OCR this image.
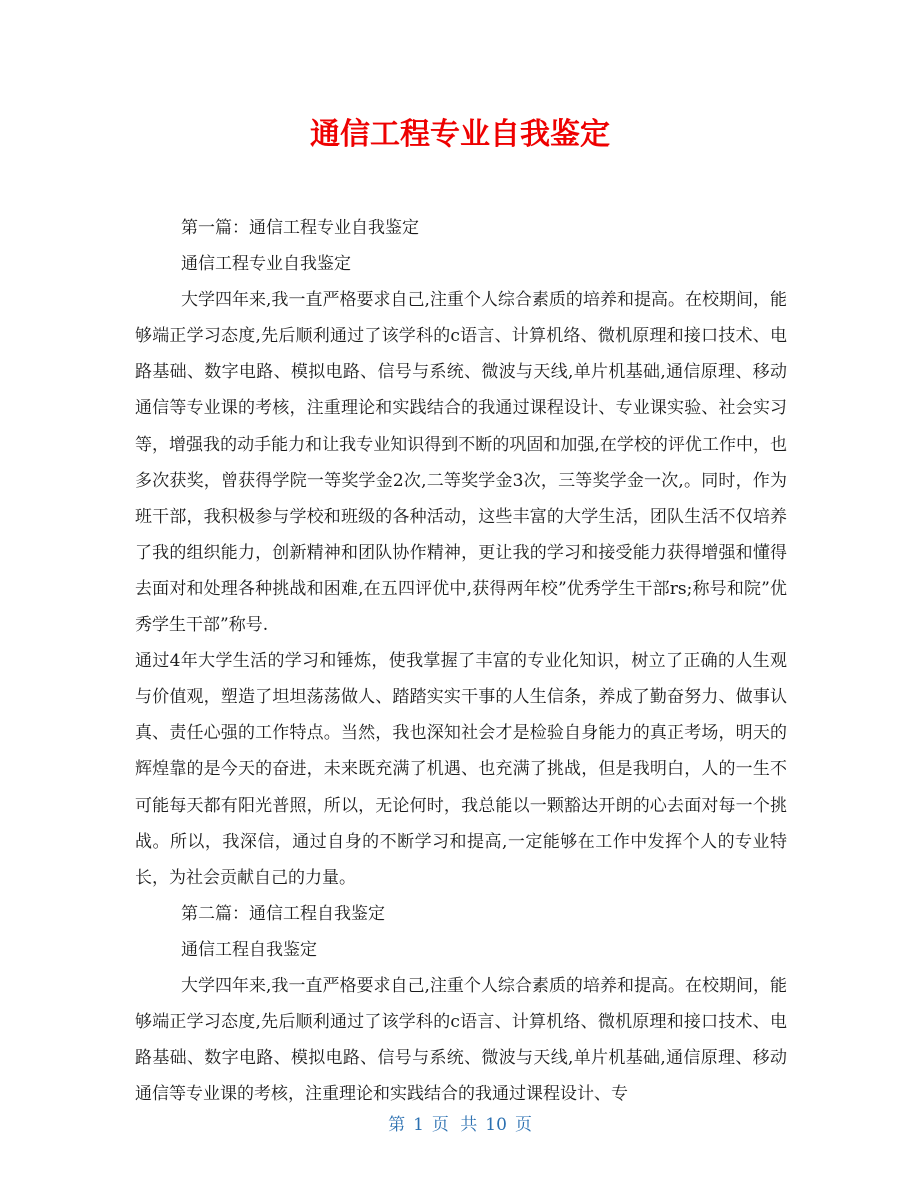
通信工程专业自我鉴定

第一篇：通信工程专业自我鉴定

通信工程专业自我鉴定

大学四年来,我一直严格要求自己,注重个人综合素质的培养和提高。在校期间，能够端正学习态度,先后顺利通过了该学科的c语言、计算机络、微机原理和接口技术、电路基础、数字电路、模拟电路、信号与系统、微波与天线,单片机基础,通信原理、移动通信等专业课的考核，注重理论和实践结合的我通过课程设计、专业课实验、社会实习等，增强我的动手能力和让我专业知识得到不断的巩固和加强,在学校的评优工作中，也多次获奖，曾获得学院一等奖学金2次,二等奖学金3次，三等奖学金一次,。同时，作为班干部，我积极参与学校和班级的各种活动，这些丰富的大学生活，团队生活不仅培养了我的组织能力，创新精神和团队协作精神，更让我的学习和接受能力获得增强和懂得去面对和处理各种挑战和困难,在五四评优中,获得两年校”优秀学生干部rs;称号和院”优秀学生干部”称号.

通过4年大学生活的学习和锤炼，使我掌握了丰富的专业化知识，树立了正确的人生观与价值观，塑造了坦坦荡荡做人、踏踏实实干事的人生信条，养成了勤奋努力、做事认真、责任心强的工作特点。当然，我也深知社会才是检验自身能力的真正考场，明天的辉煌靠的是今天的奋进，未来既充满了机遇、也充满了挑战，但是我明白，人的一生不可能每天都有阳光普照，所以，无论何时，我总能以一颗豁达开朗的心去面对每一个挑战。所以，我深信，通过自身的不断学习和提高,一定能够在工作中发挥个人的专业特长，为社会贡献自己的力量。

第二篇：通信工程自我鉴定

通信工程自我鉴定

大学四年来,我一直严格要求自己,注重个人综合素质的培养和提高。在校期间，能够端正学习态度,先后顺利通过了该学科的c语言、计算机络、微机原理和接口技术、电路基础、数字电路、模拟电路、信号与系统、微波与天线,单片机基础,通信原理、移动通信等专业课的考核，注重理论和实践结合的我通过课程设计、专

第 1 页 共 10 页
